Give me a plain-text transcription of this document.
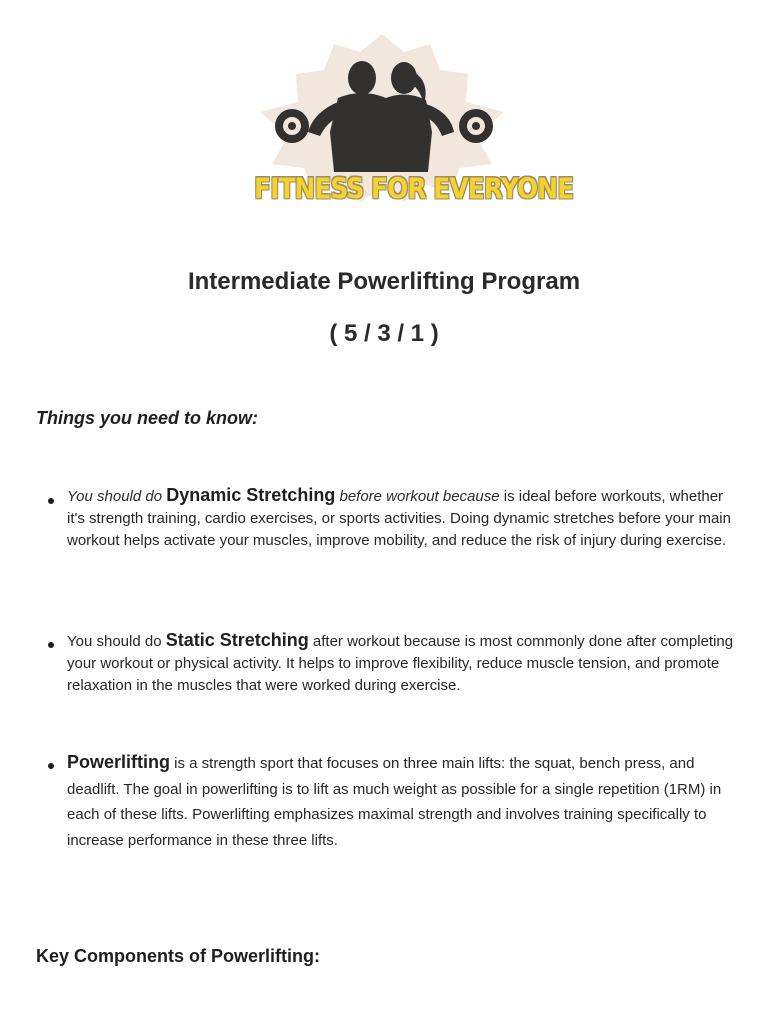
FITNESS FOR EVERYONE
Intermediate Powerlifting Program
( 5 / 3 / 1 )
Things you need to know:
You should do Dynamic Stretching before workout because is ideal before workouts, whether it's strength training, cardio exercises, or sports activities. Doing dynamic stretches before your main workout helps activate your muscles, improve mobility, and reduce the risk of injury during exercise.
You should do Static Stretching after workout because is most commonly done after completing your workout or physical activity. It helps to improve flexibility, reduce muscle tension, and promote relaxation in the muscles that were worked during exercise.
Powerlifting is a strength sport that focuses on three main lifts: the squat, bench press, and deadlift. The goal in powerlifting is to lift as much weight as possible for a single repetition (1RM) in each of these lifts. Powerlifting emphasizes maximal strength and involves training specifically to increase performance in these three lifts.
Key Components of Powerlifting:
